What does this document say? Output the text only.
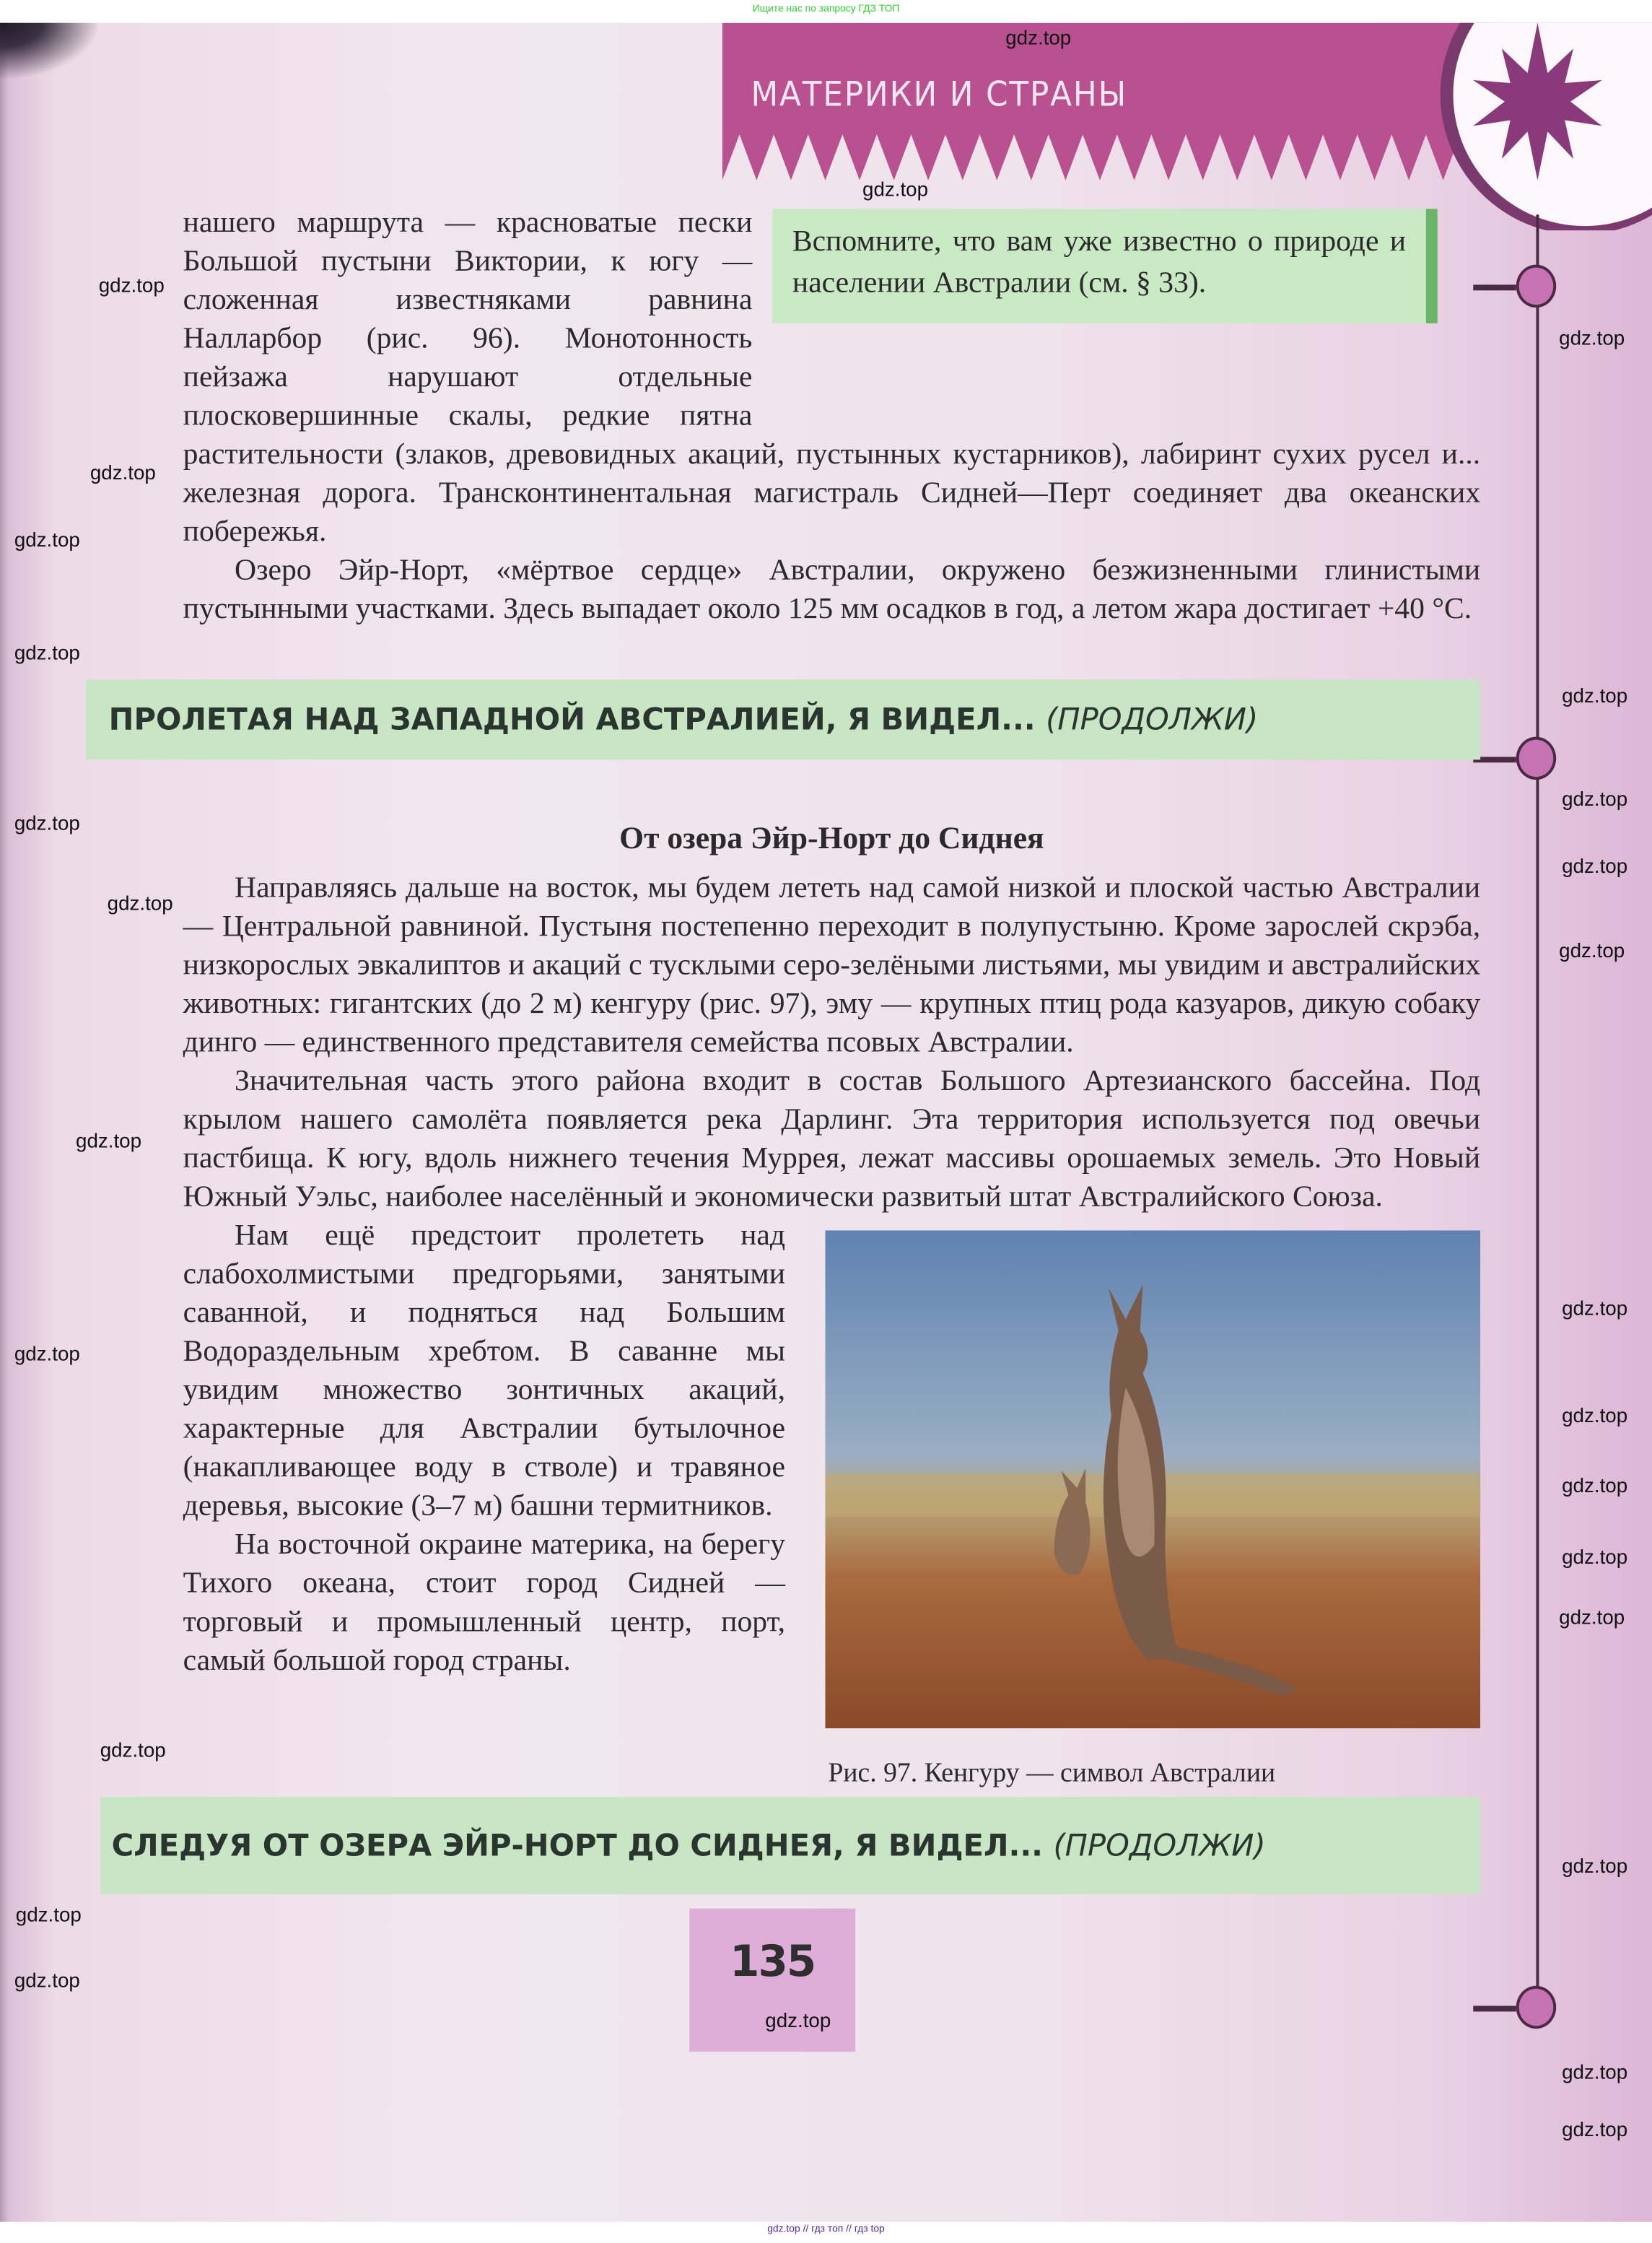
Ищите нас по запросу ГДЗ ТОП
МАТЕРИКИ И СТРАНЫ
Вспомните, что вам уже известно о природе и населении Австралии (см. § 33).

нашего маршрута — красноватые пески Большой пустыни Виктории, к югу — сложенная известняками равнина Налларбор (рис. 96). Монотонность пейзажа нарушают отдельные плосковершинные скалы, редкие пятна растительности (злаков, древовидных акаций, пустынных кустарников), лабиринт сухих русел и... железная дорога. Трансконтинентальная магистраль Сидней—Перт соединяет два океанских побережья.

Озеро Эйр-Норт, «мёртвое сердце» Австралии, окружено безжизненными глинистыми пустынными участками. Здесь выпадает около 125 мм осадков в год, а летом жара достигает +40 °С.

ПРОЛЕТАЯ НАД ЗАПАДНОЙ АВСТРАЛИЕЙ, Я ВИДЕЛ... (ПРОДОЛЖИ)
От озера Эйр-Норт до Сиднея

Направляясь дальше на восток, мы будем лететь над самой низкой и плоской частью Австралии — Центральной равниной. Пустыня постепенно переходит в полупустыню. Кроме зарослей скрэба, низкорослых эвкалиптов и акаций с тусклыми серо-зелёными листьями, мы увидим и австралийских животных: гигантских (до 2 м) кенгуру (рис. 97), эму — крупных птиц рода казуаров, дикую собаку динго — единственного представителя семейства псовых Австралии.

Рис. 97. Кенгуру — символ Австралии

Значительная часть этого района входит в состав Большого Артезианского бассейна. Под крылом нашего самолёта появляется река Дарлинг. Эта территория используется под овечьи пастбища. К югу, вдоль нижнего течения Муррея, лежат массивы орошаемых земель. Это Новый Южный Уэльс, наиболее населённый и экономически развитый штат Австралийского Союза.

Нам ещё предстоит пролететь над слабохолмистыми предгорьями, занятыми саванной, и подняться над Большим Водораздельным хребтом. В саванне мы увидим множество зонтичных акаций, характерные для Австралии бутылочное (накапливающее воду в стволе) и травяное деревья, высокие (3–7 м) башни термитников.

На восточной окраине материка, на берегу Тихого океана, стоит город Сидней — торговый и промышленный центр, порт, самый большой город страны.

СЛЕДУЯ ОТ ОЗЕРА ЭЙР-НОРТ ДО СИДНЕЯ, Я ВИДЕЛ... (ПРОДОЛЖИ)
135
gdz.top
gdz.top
gdz.top
gdz.top
gdz.top
gdz.top
gdz.top
gdz.top
gdz.top
gdz.top
gdz.top
gdz.top
gdz.top
gdz.top
gdz.top
gdz.top
gdz.top
gdz.top
gdz.top
gdz.top
gdz.top
gdz.top
gdz.top
gdz.top
gdz.top
gdz.top
gdz.top
gdz.top // гдз топ // гдз top
